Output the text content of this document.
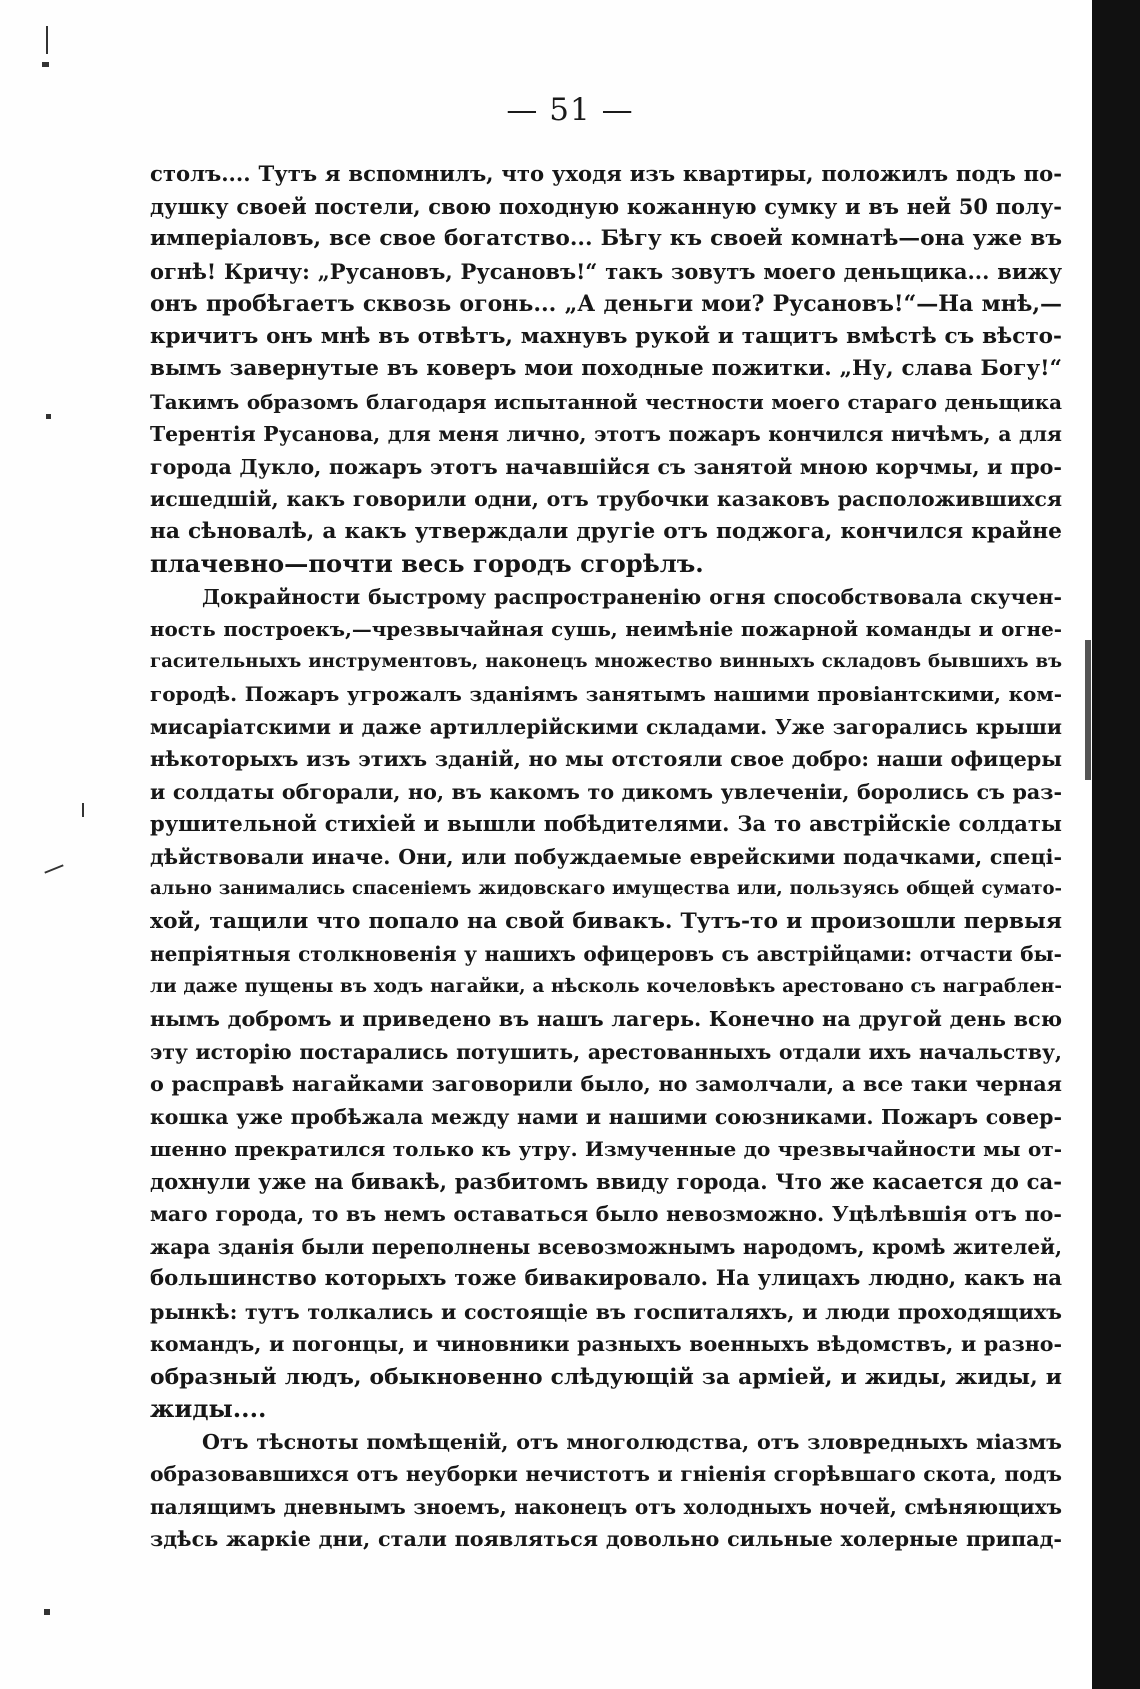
— 51 —
столъ.... Тутъ я вспомнилъ, что уходя изъ квартиры, положилъ подъ по-
душку своей постели, свою походную кожанную сумку и въ ней 50 полу-
имперiаловъ, все свое богатство... Бѣгу къ своей комнатѣ—она уже въ
огнѣ! Кричу: „Русановъ, Русановъ!“ такъ зовутъ моего деньщика... вижу
онъ пробѣгаетъ сквозь огонь... „А деньги мои? Русановъ!“—На мнѣ,—
кричитъ онъ мнѣ въ отвѣтъ, махнувъ рукой и тащитъ вмѣстѣ съ вѣсто-
вымъ завернутые въ коверъ мои походные пожитки. „Ну, слава Богу!“
Такимъ образомъ благодаря испытанной честности моего стараго деньщика
Терентiя Русанова, для меня лично, этотъ пожаръ кончился ничѣмъ, а для
города Дукло, пожаръ этотъ начавшiйся съ занятой мною корчмы, и про-
исшедшiй, какъ говорили одни, отъ трубочки казаковъ расположившихся
на сѣновалѣ, а какъ утверждали другiе отъ поджога, кончился крайне
плачевно—почти весь городъ сгорѣлъ.
Докрайности быстрому распространенiю огня способствовала скучен-
ность построекъ,—чрезвычайная сушь, неимѣнiе пожарной команды и огне-
гасительныхъ инструментовъ, наконецъ множество винныхъ складовъ бывшихъ въ
городѣ. Пожаръ угрожалъ зданiямъ занятымъ нашими провiантскими, ком-
мисарiатскими и даже артиллерiйскими складами. Уже загорались крыши
нѣкоторыхъ изъ этихъ зданiй, но мы отстояли свое добро: наши офицеры
и солдаты обгорали, но, въ какомъ то дикомъ увлеченiи, боролись съ раз-
рушительной стихiей и вышли побѣдителями. За то австрiйскiе солдаты
дѣйствовали иначе. Они, или побуждаемые еврейскими подачками, спецi-
ально занимались спасенiемъ жидовскаго имущества или, пользуясь общей сумато-
хой, тащили что попало на свой бивакъ. Тутъ-то и произошли первыя
непрiятныя столкновенiя у нашихъ офицеровъ съ австрiйцами: отчасти бы-
ли даже пущены въ ходъ нагайки, а нѣсколь кочеловѣкъ арестовано съ награблен-
нымъ добромъ и приведено въ нашъ лагерь. Конечно на другой день всю
эту исторiю постарались потушить, арестованныхъ отдали ихъ начальству,
о расправѣ нагайками заговорили было, но замолчали, а все таки черная
кошка уже пробѣжала между нами и нашими союзниками. Пожаръ совер-
шенно прекратился только къ утру. Измученные до чрезвычайности мы от-
дохнули уже на бивакѣ, разбитомъ ввиду города. Что же касается до са-
маго города, то въ немъ оставаться было невозможно. Уцѣлѣвшiя отъ по-
жара зданiя были переполнены всевозможнымъ народомъ, кромѣ жителей,
большинство которыхъ тоже бивакировало. На улицахъ людно, какъ на
рынкѣ: тутъ толкались и состоящiе въ госпиталяхъ, и люди проходящихъ
командъ, и погонцы, и чиновники разныхъ военныхъ вѣдомствъ, и разно-
образный людъ, обыкновенно слѣдующiй за армiей, и жиды, жиды, и
жиды....
Отъ тѣсноты помѣщенiй, отъ многолюдства, отъ зловредныхъ мiазмъ
образовавшихся отъ неуборки нечистотъ и гнiенiя сгорѣвшаго скота, подъ
палящимъ дневнымъ зноемъ, наконецъ отъ холодныхъ ночей, смѣняющихъ
здѣсь жаркiе дни, стали появляться довольно сильные холерные припад-
